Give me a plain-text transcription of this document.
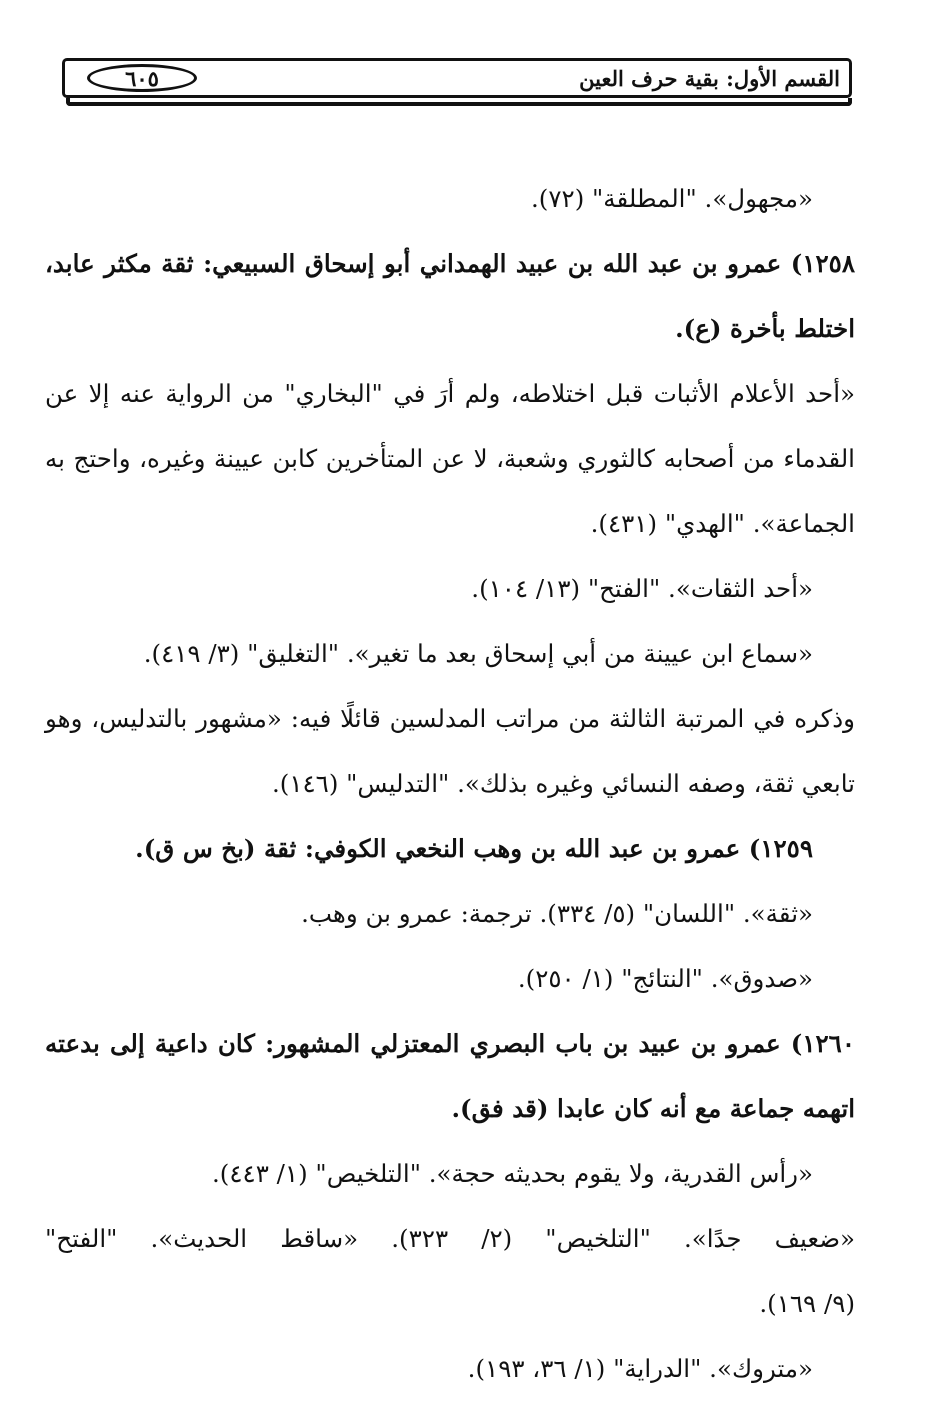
٦٠٥	القسم الأول: بقية حرف العين
«مجهول». "المطلقة" (٧٢).
١٢٥٨) عمرو بن عبد الله بن عبيد الهمداني أبو إسحاق السبيعي: ثقة مكثر عابد،
اختلط بأخرة (ع).
«أحد الأعلام الأثبات قبل اختلاطه، ولم أرَ في "البخاري" من الرواية عنه إلا عن
القدماء من أصحابه كالثوري وشعبة، لا عن المتأخرين كابن عيينة وغيره، واحتج به
الجماعة». "الهدي" (٤٣١).
«أحد الثقات». "الفتح" (١٣/ ١٠٤).
«سماع ابن عيينة من أبي إسحاق بعد ما تغير». "التغليق" (٣/ ٤١٩).
وذكره في المرتبة الثالثة من مراتب المدلسين قائلًا فيه: «مشهور بالتدليس، وهو
تابعي ثقة، وصفه النسائي وغيره بذلك». "التدليس" (١٤٦).
١٢٥٩) عمرو بن عبد الله بن وهب النخعي الكوفي: ثقة (بخ س ق).
«ثقة». "اللسان" (٥/ ٣٣٤). ترجمة: عمرو بن وهب.
«صدوق». "النتائج" (١/ ٢٥٠).
١٢٦٠) عمرو بن عبيد بن باب البصري المعتزلي المشهور: كان داعية إلى بدعته
اتهمه جماعة مع أنه كان عابدا (قد فق).
«رأس القدرية، ولا يقوم بحديثه حجة». "التلخيص" (١/ ٤٤٣).
«ضعيف جدًا». "التلخيص" (٢/ ٣٢٣). «ساقط الحديث». "الفتح"
(٩/ ١٦٩).
«متروك». "الدراية" (١/ ٣٦، ١٩٣).
